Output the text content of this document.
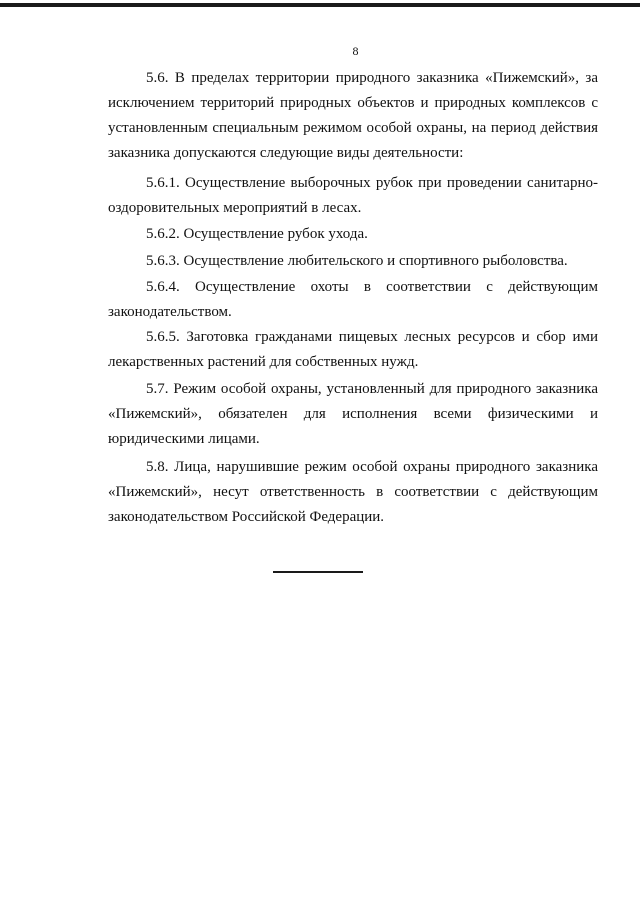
8

5.6. В пределах территории природного заказника «Пижемский», за исключением территорий природных объектов и природных комплексов с установленным специальным режимом особой охраны, на период действия заказника допускаются следующие виды деятельности:

5.6.1. Осуществление выборочных рубок при проведении санитарно-оздоровительных мероприятий в лесах.

5.6.2. Осуществление рубок ухода.

5.6.3. Осуществление любительского и спортивного рыболовства.

5.6.4. Осуществление охоты в соответствии с действующим законодательством.

5.6.5. Заготовка гражданами пищевых лесных ресурсов и сбор ими лекарственных растений для собственных нужд.

5.7. Режим особой охраны, установленный для природного заказника «Пижемский», обязателен для исполнения всеми физическими и юридическими лицами.

5.8. Лица, нарушившие режим особой охраны природного заказника «Пижемский», несут ответственность в соответствии с действующим законодательством Российской Федерации.
